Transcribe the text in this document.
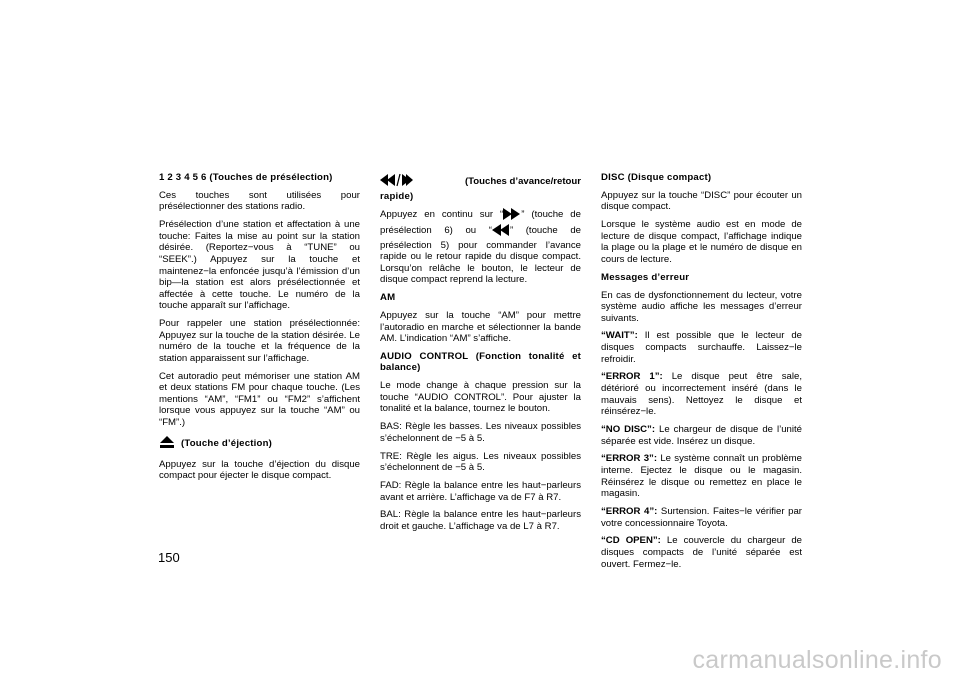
1 2 3 4 5 6 (Touches de présélection)

Ces touches sont utilisées pour présélectionner des stations radio.

Présélection d’une station et affectation à une touche: Faites la mise au point sur la station désirée. (Reportez−vous à “TUNE” ou “SEEK”.) Appuyez sur la touche et maintenez−la enfoncée jusqu’à l’émission d’un bip—la station est alors présélectionnée et affectée à cette touche. Le numéro de la touche apparaît sur l’affichage.

Pour rappeler une station présélectionnée: Appuyez sur la touche de la station désirée. Le numéro de la touche et la fréquence de la station apparaissent sur l’affichage.

Cet autoradio peut mémoriser une station AM et deux stations FM pour chaque touche. (Les mentions “AM”, “FM1” ou “FM2” s’affichent lorsque vous appuyez sur la touche “AM” ou “FM”.)

(Touche d’éjection)

Appuyez sur la touche d’éjection du disque compact pour éjecter le disque compact.

(Touches d’avance/retour

rapide)

Appuyez en continu sur “ ” (touche de présélection 6) ou “ ” (touche de présélection 5) pour commander l’avance rapide ou le retour rapide du disque compact. Lorsqu’on relâche le bouton, le lecteur de disque compact reprend la lecture.

AM

Appuyez sur la touche “AM” pour mettre l’autoradio en marche et sélectionner la bande AM. L’indication “AM” s’affiche.

AUDIO CONTROL (Fonction tonalité et balance)

Le mode change à chaque pression sur la touche “AUDIO CONTROL”. Pour ajuster la tonalité et la balance, tournez le bouton.

BAS: Règle les basses. Les niveaux possibles s’échelonnent de −5 à 5.

TRE: Règle les aigus. Les niveaux possibles s’échelonnent de −5 à 5.

FAD: Règle la balance entre les haut−parleurs avant et arrière. L’affichage va de F7 à R7.

BAL: Règle la balance entre les haut−parleurs droit et gauche. L’affichage va de L7 à R7.

DISC (Disque compact)

Appuyez sur la touche “DISC” pour écouter un disque compact.

Lorsque le système audio est en mode de lecture de disque compact, l’affichage indique la plage ou la plage et le numéro de disque en cours de lecture.

Messages d’erreur

En cas de dysfonctionnement du lecteur, votre système audio affiche les messages d’erreur suivants.

“WAIT”: Il est possible que le lecteur de disques compacts surchauffe. Laissez−le refroidir.

“ERROR 1”: Le disque peut être sale, détérioré ou incorrectement inséré (dans le mauvais sens). Nettoyez le disque et réinsérez−le.

“NO DISC”: Le chargeur de disque de l’unité séparée est vide. Insérez un disque.

“ERROR 3”: Le système connaît un problème interne. Ejectez le disque ou le magasin. Réinsérez le disque ou remettez en place le magasin.

“ERROR 4”: Surtension. Faites−le vérifier par votre concessionnaire Toyota.

“CD OPEN”: Le couvercle du chargeur de disques compacts de l’unité séparée est ouvert. Fermez−le.

150
carmanualsonline.info
